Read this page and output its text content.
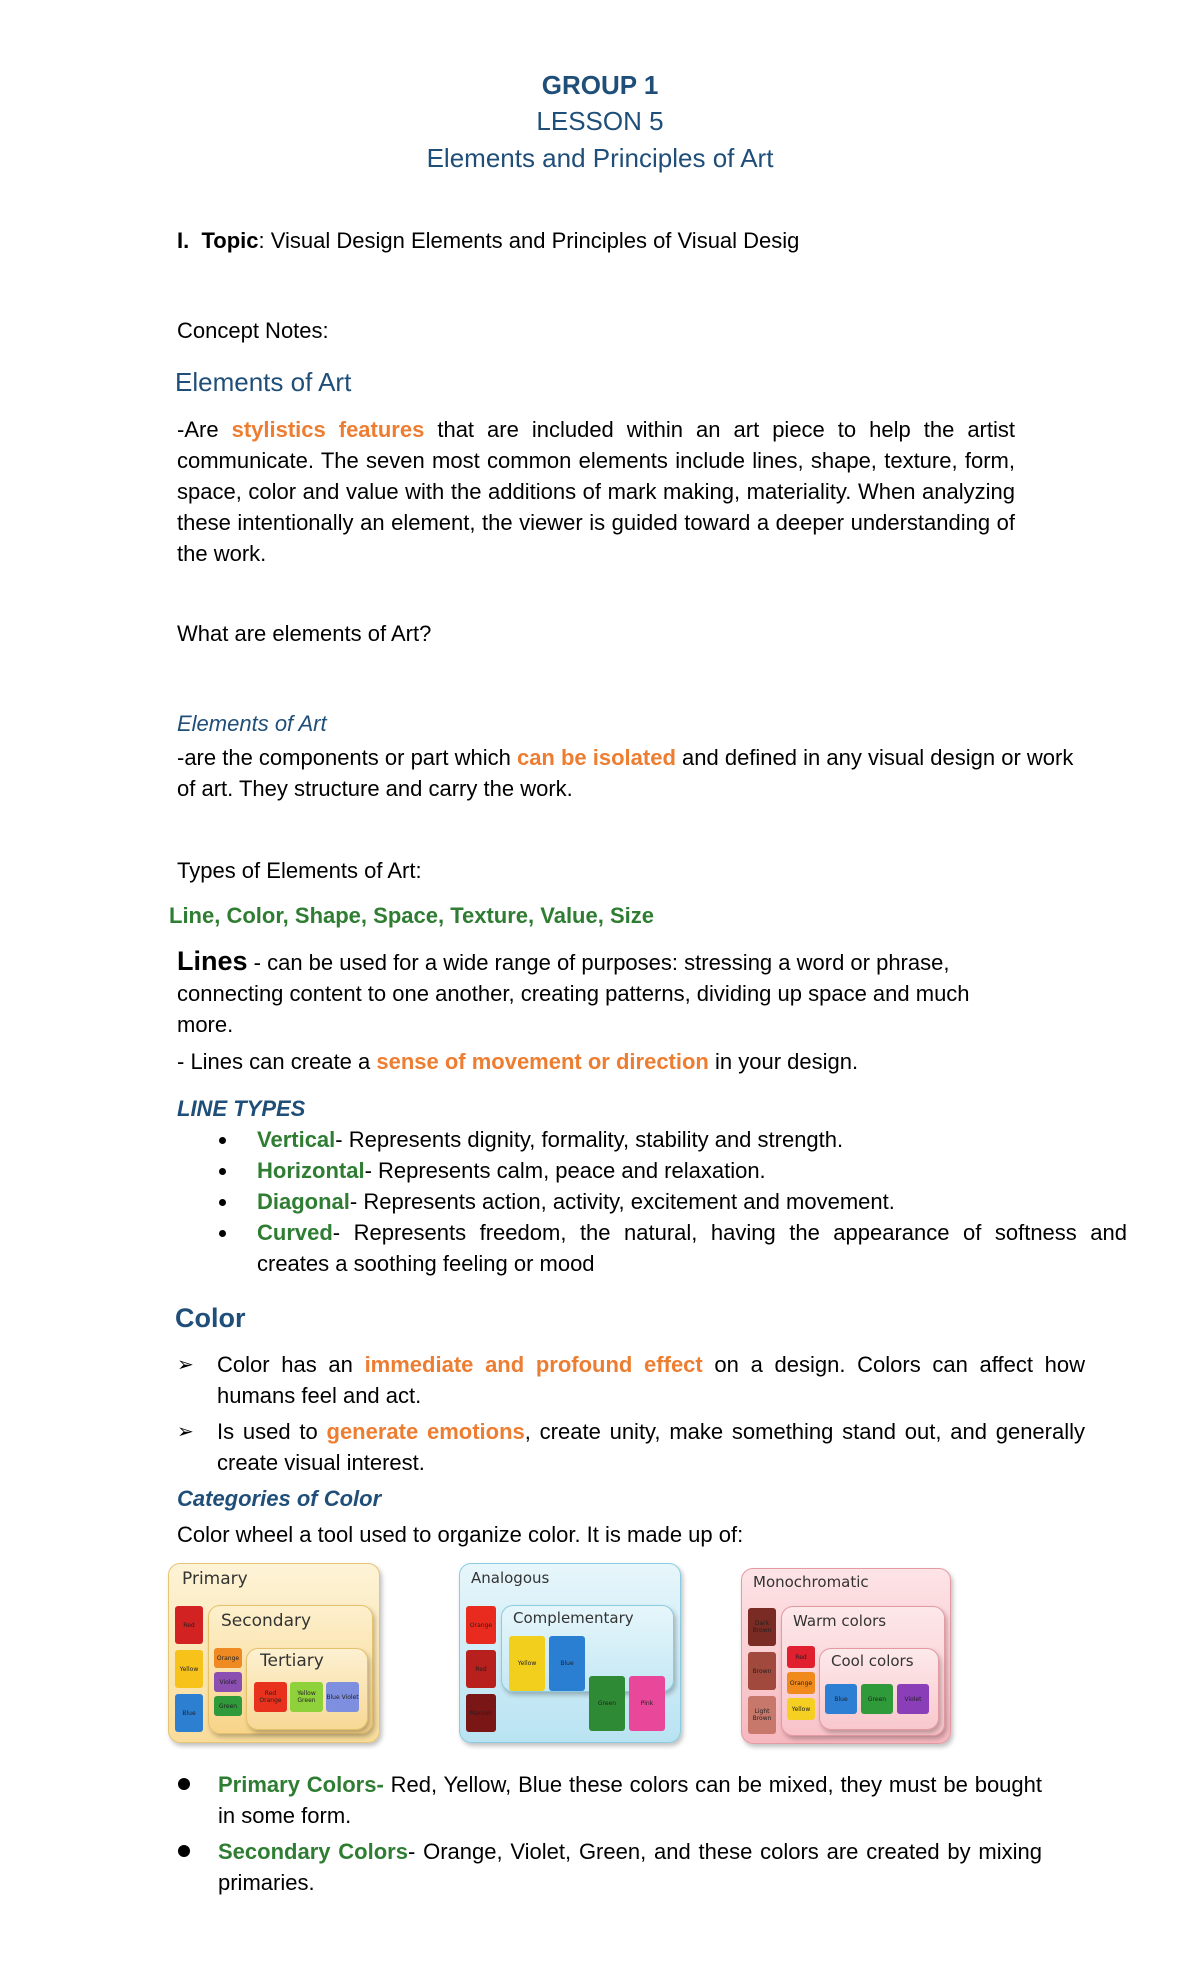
GROUP 1
LESSON 5
Elements and Principles of Art
I. Topic: Visual Design Elements and Principles of Visual Desig
Concept Notes:
Elements of Art
-Are stylistics features that are included within an art piece to help the artist communicate. The seven most common elements include lines, shape, texture, form, space, color and value with the additions of mark making, materiality. When analyzing these intentionally an element, the viewer is guided toward a deeper understanding of the work.
What are elements of Art?
Elements of Art
-are the components or part which can be isolated and defined in any visual design or work of art. They structure and carry the work.
Types of Elements of Art:
Line, Color, Shape, Space, Texture, Value, Size
Lines - can be used for a wide range of purposes: stressing a word or phrase, connecting content to one another, creating patterns, dividing up space and much more.
- Lines can create a sense of movement or direction in your design.
LINE TYPES
Vertical- Represents dignity, formality, stability and strength.
Horizontal- Represents calm, peace and relaxation.
Diagonal- Represents action, activity, excitement and movement.
Curved- Represents freedom, the natural, having the appearance of softness and creates a soothing feeling or mood
Color
➢ Color has an immediate and profound effect on a design. Colors can affect how humans feel and act.
➢ Is used to generate emotions, create unity, make something stand out, and generally create visual interest.
Categories of Color
Color wheel a tool used to organize color. It is made up of:
Primary
Red
Yellow
Blue
Secondary
Orange
Violet
Green
Tertiary
Red Orange
Yellow Green	Blue Violet
Analogous
Orange
Red
Maroon
Complementary
Yellow	Blue
Green	Pink
Monochromatic
Dark Brown
Brown
Light Brown
Warm colors
Red
Orange
Yellow
Cool colors
Blue	Green	Violet
Primary Colors- Red, Yellow, Blue these colors can be mixed, they must be bought in some form.
Secondary Colors- Orange, Violet, Green, and these colors are created by mixing primaries.
